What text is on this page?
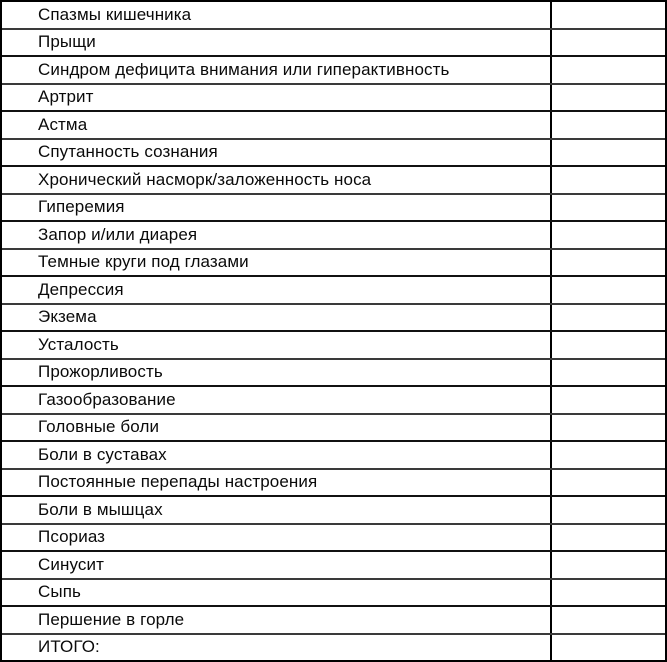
Спазмы кишечника
Прыщи
Синдром дефицита внимания или гиперактивность
Артрит
Астма
Спутанность сознания
Хронический насморк/заложенность носа
Гиперемия
Запор и/или диарея
Темные круги под глазами
Депрессия
Экзема
Усталость
Прожорливость
Газообразование
Головные боли
Боли в суставах
Постоянные перепады настроения
Боли в мышцах
Псориаз
Синусит
Сыпь
Першение в горле
ИТОГО:
